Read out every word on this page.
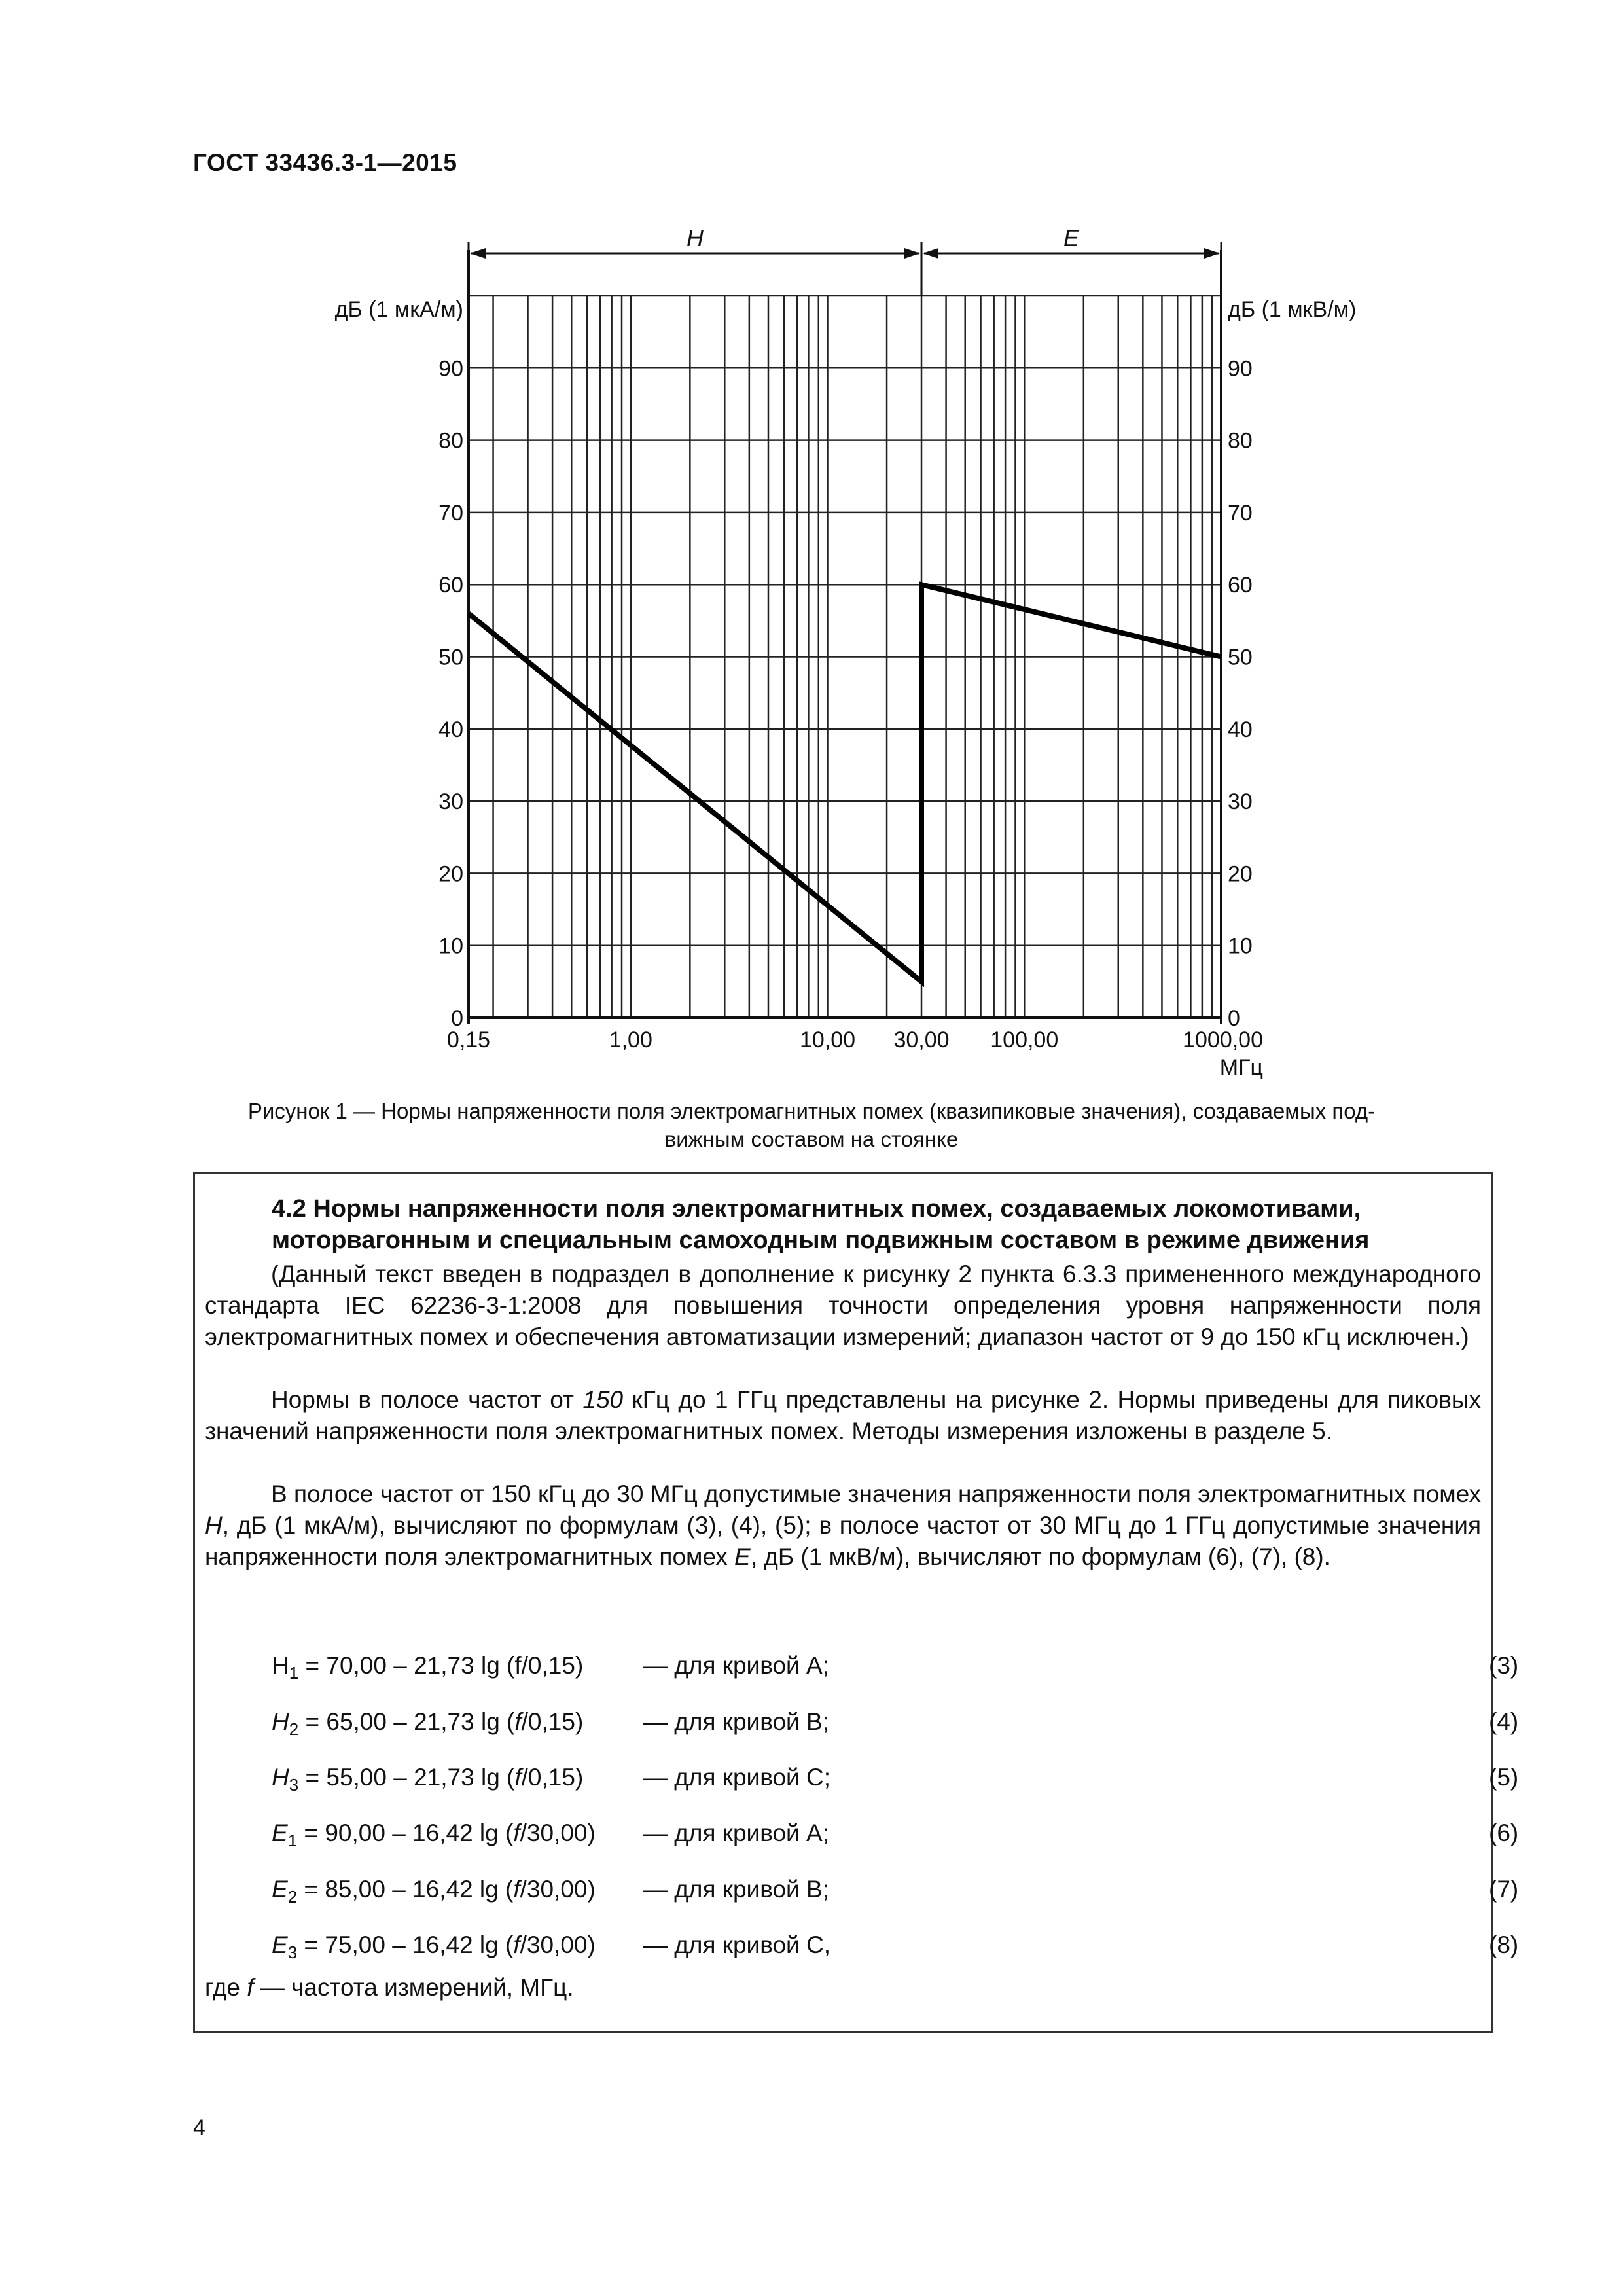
ГОСТ 33436.3-1—2015
H	E
0	0
10	10
20	20
30	30
40	40
50	50
60	60
70	70
80	80
90	90
дБ (1 мкА/м)	дБ (1 мкВ/м)
0,15	1,00	10,00 30,00 100,00	1000,00
МГц
Рисунок 1 — Нормы напряженности поля электромагнитных помех (квазипиковые значения), создаваемых под-
вижным составом на стоянке
4.2 Нормы напряженности поля электромагнитных помех, создаваемых локомотивами,
моторвагонным и специальным самоходным подвижным составом в режиме движения
(Данный текст введен в подраздел в дополнение к рисунку 2 пункта 6.3.3 примененного международного стандарта IEC 62236-3-1:2008 для повышения точности определения уровня напряженности поля электромагнитных помех и обеспечения автоматизации измерений; диапазон частот от 9 до 150 кГц исключен.)
Нормы в полосе частот от 150 кГц до 1 ГГц представлены на рисунке 2. Нормы приведены для пиковых значений напряженности поля электромагнитных помех. Методы измерения изложены в разделе 5.
В полосе частот от 150 кГц до 30 МГц допустимые значения напряженности поля электромагнитных помех H, дБ (1 мкА/м), вычисляют по формулам (3), (4), (5); в полосе частот от 30 МГц до 1 ГГц допустимые значения напряженности поля электромагнитных помех E, дБ (1 мкВ/м), вычисляют по формулам (6), (7), (8).
$H_1 = 70,00 - 21,73$ lg (f/0,15) — для кривой А;	(3)
$H_2 = 65,00 - 21,73$ lg (f/0,15) — для кривой В;	(4)
$H_3 = 55,00 - 21,73$ lg (f/0,15) — для кривой С;	(5)
$E_1 = 90,00 - 16,42$ lg (f/30,00) — для кривой А;	(6)
$E_2 = 85,00 - 16,42$ lg (f/30,00) — для кривой В;	(7)
$E_3 = 75,00 - 16,42$ lg (f/30,00) — для кривой С,	(8)
где f — частота измерений, МГц.
4
